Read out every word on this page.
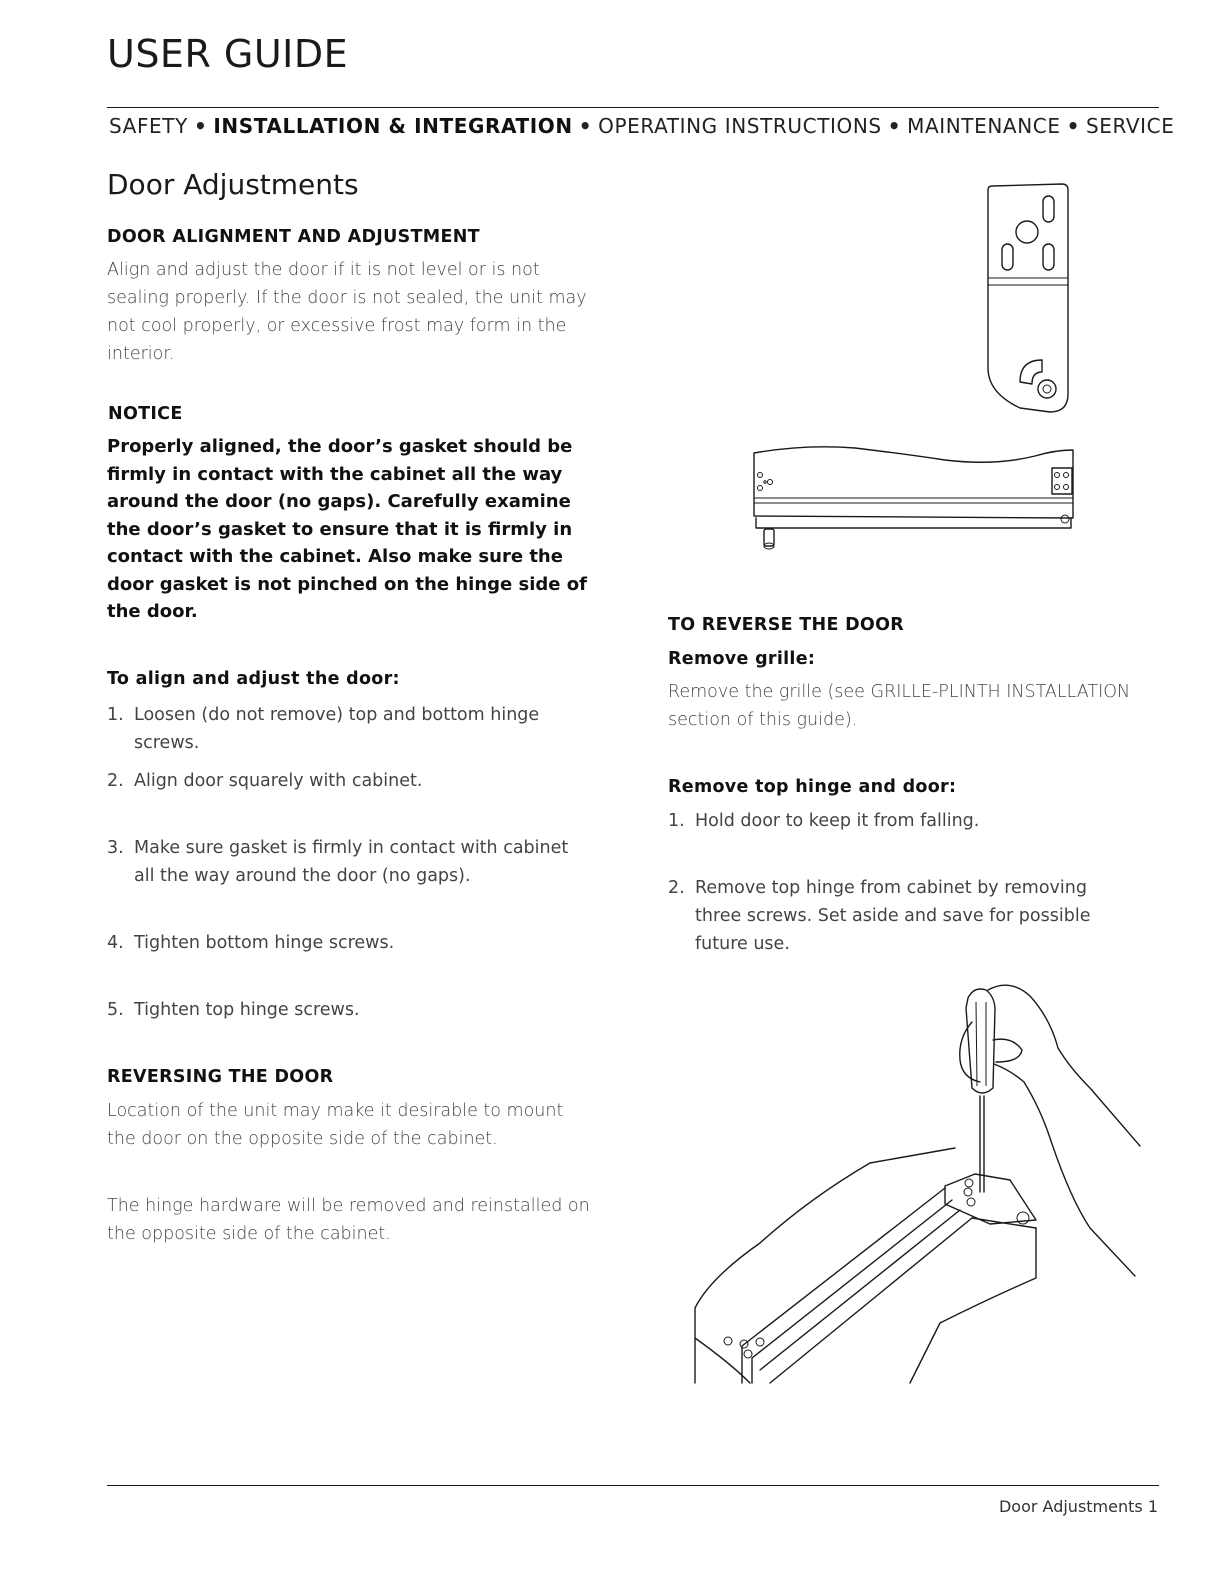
USER GUIDE
SAFETY • INSTALLATION & INTEGRATION • OPERATING INSTRUCTIONS • MAINTENANCE • SERVICE
Door Adjustments
DOOR ALIGNMENT AND ADJUSTMENT

Align and adjust the door if it is not level or is not sealing properly. If the door is not sealed, the unit may not cool properly, or excessive frost may form in the interior.

NOTICE

Properly aligned, the door’s gasket should be firmly in contact with the cabinet all the way around the door (no gaps). Carefully examine the door’s gasket to ensure that it is firmly in contact with the cabinet. Also make sure the door gasket is not pinched on the hinge side of the door.

To align and adjust the door:
1. Loosen (do not remove) top and bottom hinge screws.
2. Align door squarely with cabinet.
3. Make sure gasket is firmly in contact with cabinet all the way around the door (no gaps).
4. Tighten bottom hinge screws.
5. Tighten top hinge screws.
REVERSING THE DOOR

Location of the unit may make it desirable to mount the door on the opposite side of the cabinet.

The hinge hardware will be removed and reinstalled on the opposite side of the cabinet.

TO REVERSE THE DOOR
Remove grille:

Remove the grille (see GRILLE-PLINTH INSTALLATION section of this guide).

Remove top hinge and door:
1. Hold door to keep it from falling.
2. Remove top hinge from cabinet by removing three screws. Set aside and save for possible future use.
Door Adjustments 1
